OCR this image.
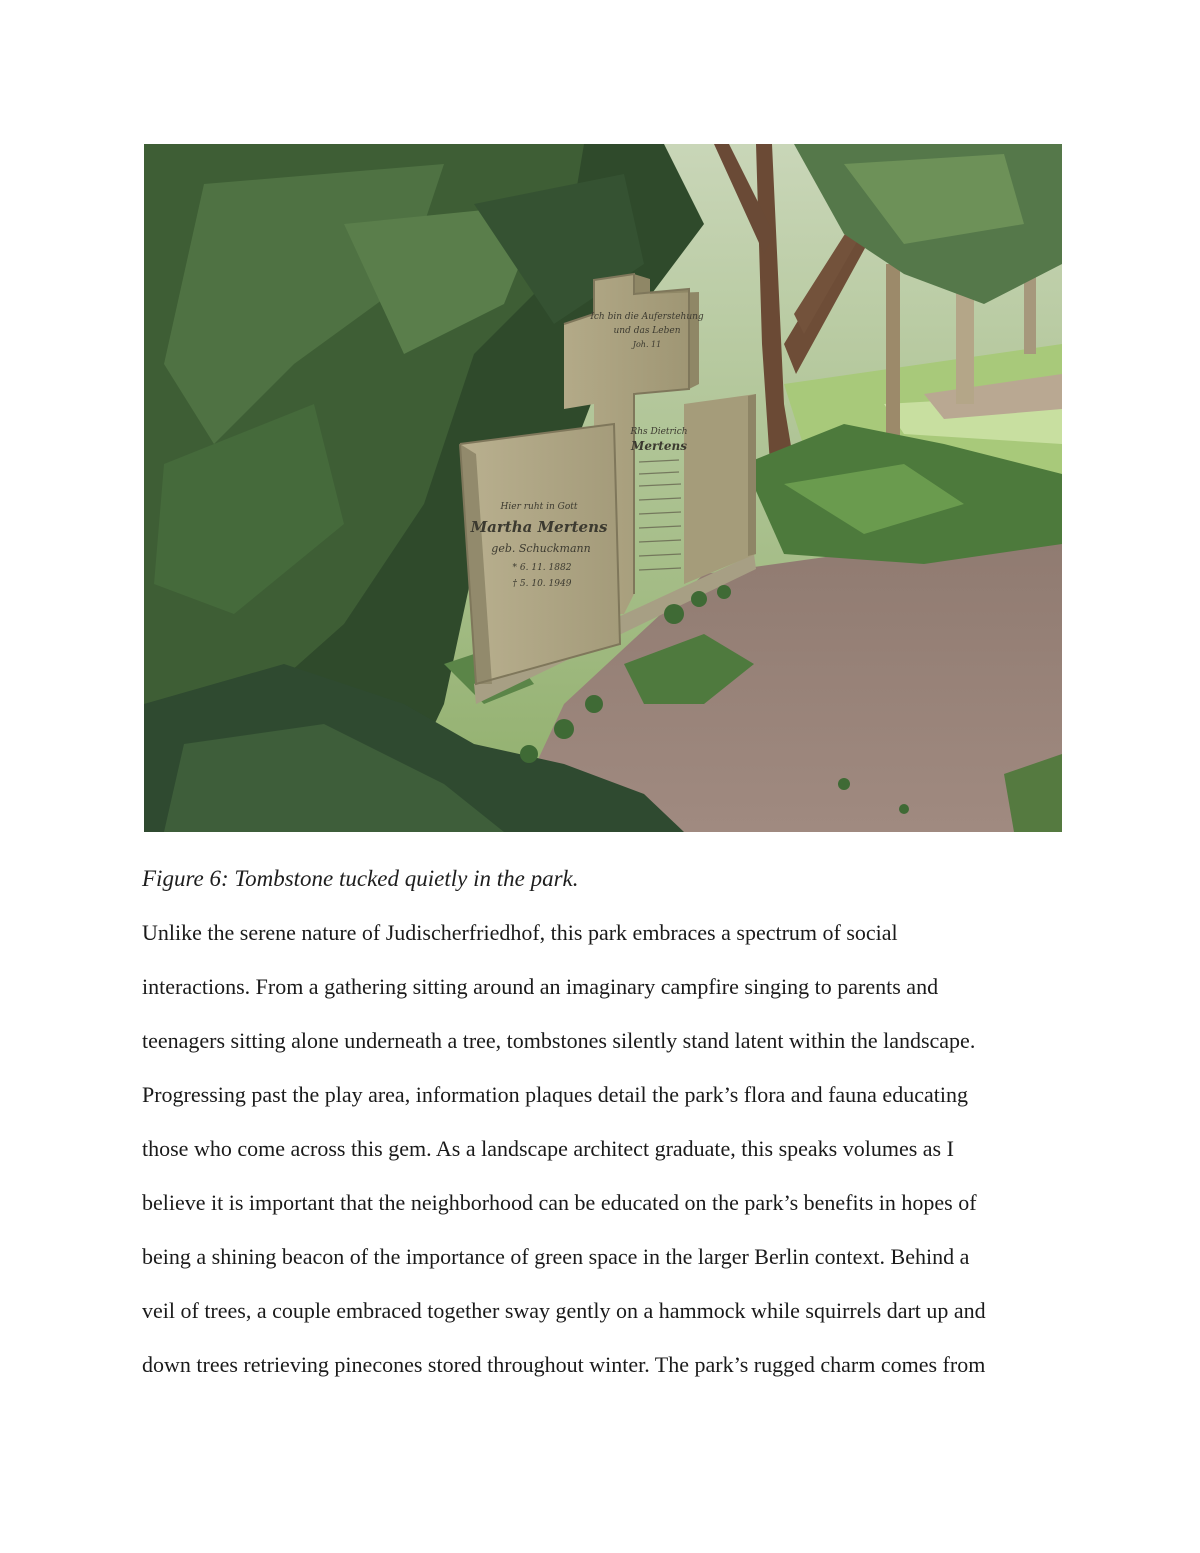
Ich bin die Auferstehung
und das Leben
Joh. 11
Hier ruht in Gott
Martha Mertens
geb. Schuckmann
* 6. 11. 1882
† 5. 10. 1949
Rhs Dietrich
Mertens
Figure 6: Tombstone tucked quietly in the park.
Unlike the serene nature of Judischerfriedhof, this park embraces a spectrum of social
interactions. From a gathering sitting around an imaginary campfire singing to parents and
teenagers sitting alone underneath a tree, tombstones silently stand latent within the landscape.
Progressing past the play area, information plaques detail the park’s flora and fauna educating
those who come across this gem. As a landscape architect graduate, this speaks volumes as I
believe it is important that the neighborhood can be educated on the park’s benefits in hopes of
being a shining beacon of the importance of green space in the larger Berlin context. Behind a
veil of trees, a couple embraced together sway gently on a hammock while squirrels dart up and
down trees retrieving pinecones stored throughout winter. The park’s rugged charm comes from
